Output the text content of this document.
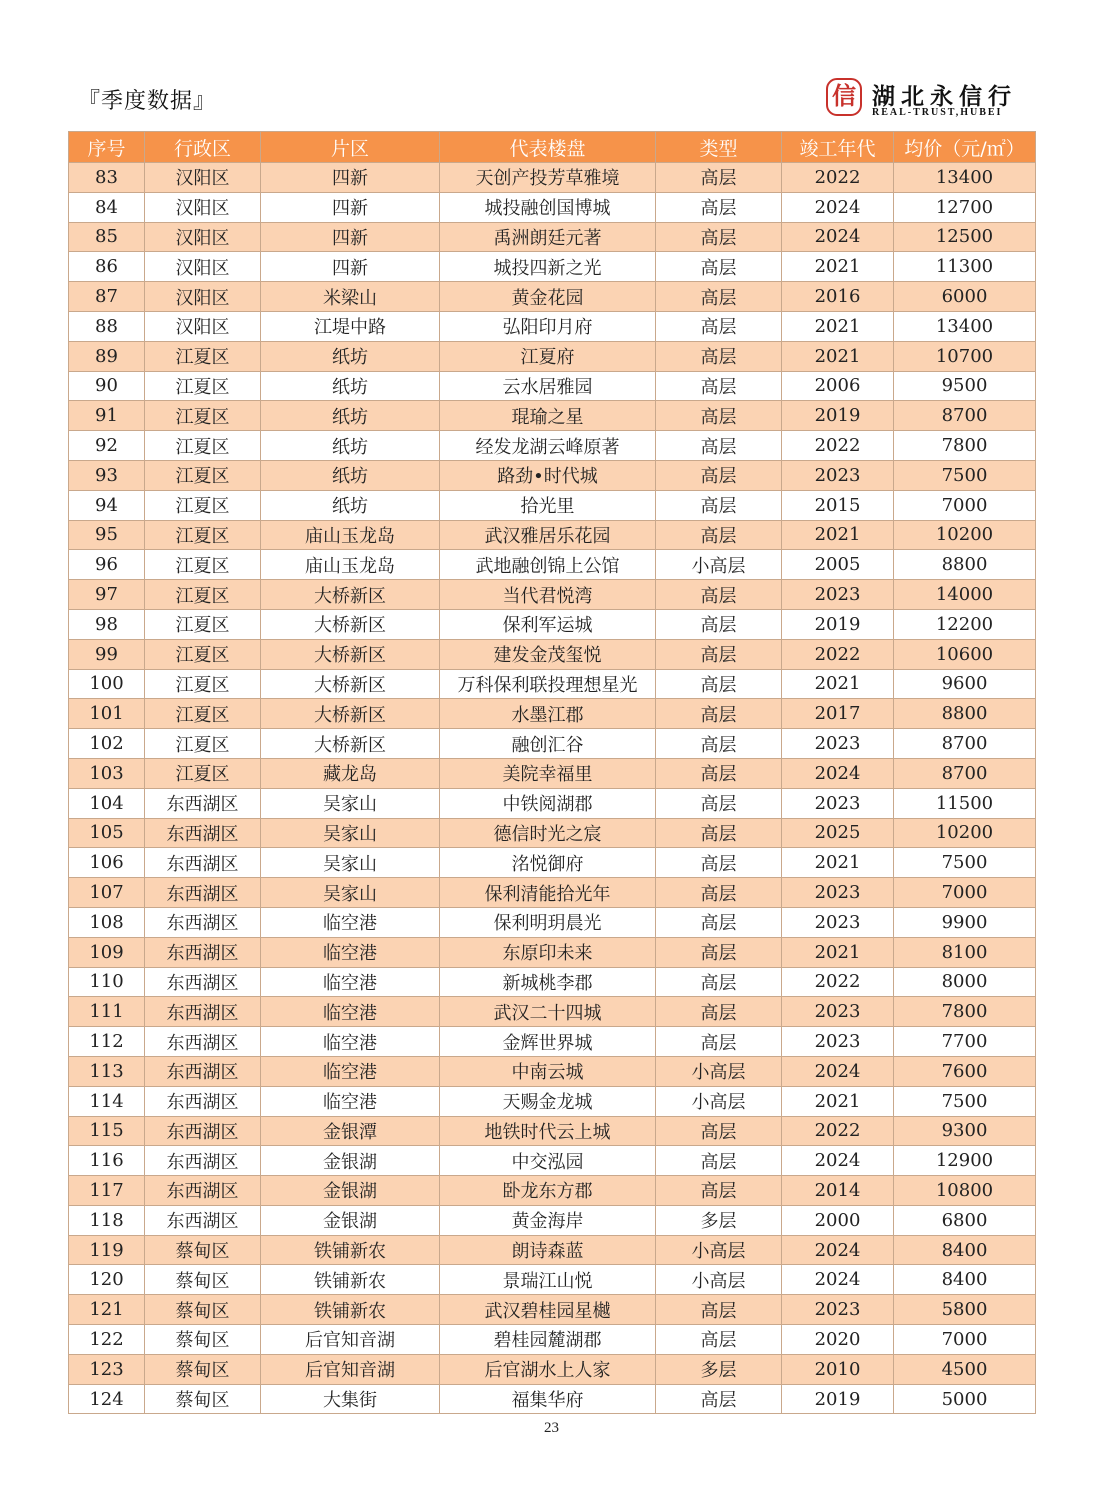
『季度数据』	信 湖北永信行
REAL-TRUST,HUBEI
序号	行政区	片区	代表楼盘	类型	竣工年代	均价（元/㎡）
83	汉阳区	四新	天创产投芳草雅境	高层	2022	13400
84	汉阳区	四新	城投融创国博城	高层	2024	12700
85	汉阳区	四新	禹洲朗廷元著	高层	2024	12500
86	汉阳区	四新	城投四新之光	高层	2021	11300
87	汉阳区	米梁山	黄金花园	高层	2016	6000
88	汉阳区	江堤中路	弘阳印月府	高层	2021	13400
89	江夏区	纸坊	江夏府	高层	2021	10700
90	江夏区	纸坊	云水居雅园	高层	2006	9500
91	江夏区	纸坊	琨瑜之星	高层	2019	8700
92	江夏区	纸坊	经发龙湖云峰原著	高层	2022	7800
93	江夏区	纸坊	路劲•时代城	高层	2023	7500
94	江夏区	纸坊	拾光里	高层	2015	7000
95	江夏区	庙山玉龙岛	武汉雅居乐花园	高层	2021	10200
96	江夏区	庙山玉龙岛	武地融创锦上公馆	小高层	2005	8800
97	江夏区	大桥新区	当代君悦湾	高层	2023	14000
98	江夏区	大桥新区	保利军运城	高层	2019	12200
99	江夏区	大桥新区	建发金茂玺悦	高层	2022	10600
100	江夏区	大桥新区	万科保利联投理想星光	高层	2021	9600
101	江夏区	大桥新区	水墨江郡	高层	2017	8800
102	江夏区	大桥新区	融创汇谷	高层	2023	8700
103	江夏区	藏龙岛	美院幸福里	高层	2024	8700
104	东西湖区	吴家山	中铁阅湖郡	高层	2023	11500
105	东西湖区	吴家山	德信时光之宸	高层	2025	10200
106	东西湖区	吴家山	洺悦御府	高层	2021	7500
107	东西湖区	吴家山	保利清能拾光年	高层	2023	7000
108	东西湖区	临空港	保利明玥晨光	高层	2023	9900
109	东西湖区	临空港	东原印未来	高层	2021	8100
110	东西湖区	临空港	新城桃李郡	高层	2022	8000
111	东西湖区	临空港	武汉二十四城	高层	2023	7800
112	东西湖区	临空港	金辉世界城	高层	2023	7700
113	东西湖区	临空港	中南云城	小高层	2024	7600
114	东西湖区	临空港	天赐金龙城	小高层	2021	7500
115	东西湖区	金银潭	地铁时代云上城	高层	2022	9300
116	东西湖区	金银湖	中交泓园	高层	2024	12900
117	东西湖区	金银湖	卧龙东方郡	高层	2014	10800
118	东西湖区	金银湖	黄金海岸	多层	2000	6800
119	蔡甸区	铁铺新农	朗诗森蓝	小高层	2024	8400
120	蔡甸区	铁铺新农	景瑞江山悦	小高层	2024	8400
121	蔡甸区	铁铺新农	武汉碧桂园星樾	高层	2023	5800
122	蔡甸区	后官知音湖	碧桂园麓湖郡	高层	2020	7000
123	蔡甸区	后官知音湖	后官湖水上人家	多层	2010	4500
124	蔡甸区	大集街	福集华府	高层	2019	5000
23
